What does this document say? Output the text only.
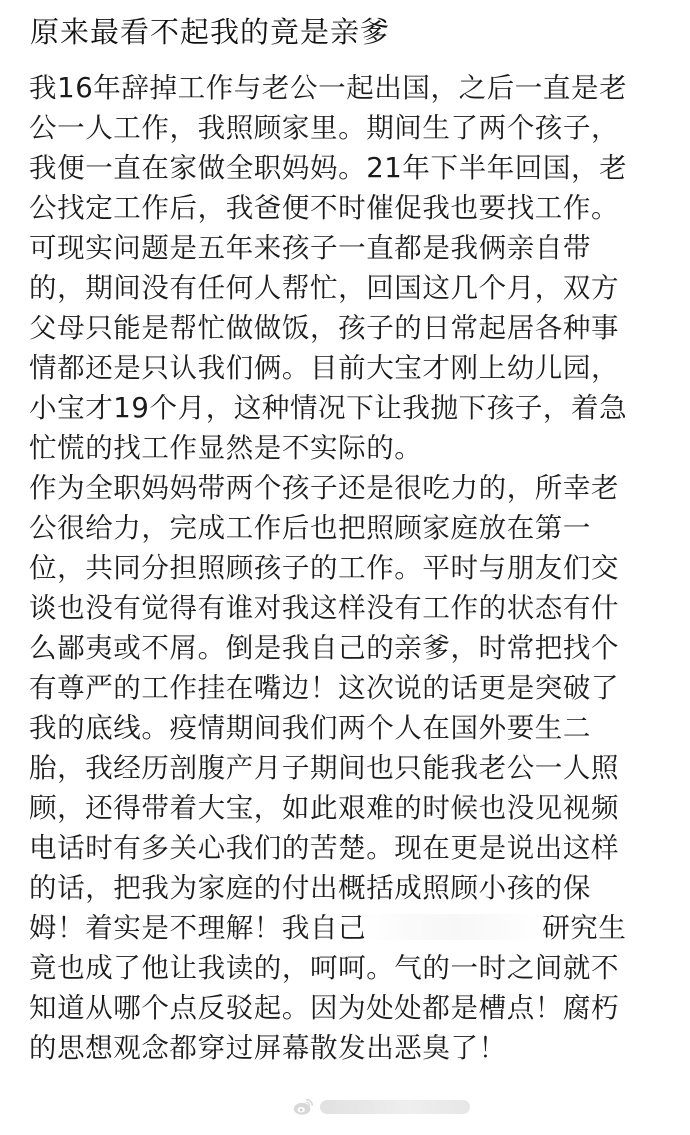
原来最看不起我的竟是亲爹
我16年辞掉工作与老公一起出国，之后一直是老
公一人工作，我照顾家里。期间生了两个孩子，
我便一直在家做全职妈妈。21年下半年回国，老
公找定工作后，我爸便不时催促我也要找工作。
可现实问题是五年来孩子一直都是我俩亲自带
的，期间没有任何人帮忙，回国这几个月，双方
父母只能是帮忙做做饭，孩子的日常起居各种事
情都还是只认我们俩。目前大宝才刚上幼儿园，
小宝才19个月，这种情况下让我抛下孩子，着急
忙慌的找工作显然是不实际的。
作为全职妈妈带两个孩子还是很吃力的，所幸老
公很给力，完成工作后也把照顾家庭放在第一
位，共同分担照顾孩子的工作。平时与朋友们交
谈也没有觉得有谁对我这样没有工作的状态有什
么鄙夷或不屑。倒是我自己的亲爹，时常把找个
有尊严的工作挂在嘴边！这次说的话更是突破了
我的底线。疫情期间我们两个人在国外要生二
胎，我经历剖腹产月子期间也只能我老公一人照
顾，还得带着大宝，如此艰难的时候也没见视频
电话时有多关心我们的苦楚。现在更是说出这样
的话，把我为家庭的付出概括成照顾小孩的保
姆！着实是不理解！我自己	研究生
竟也成了他让我读的，呵呵。气的一时之间就不
知道从哪个点反驳起。因为处处都是槽点！腐朽
的思想观念都穿过屏幕散发出恶臭了！
